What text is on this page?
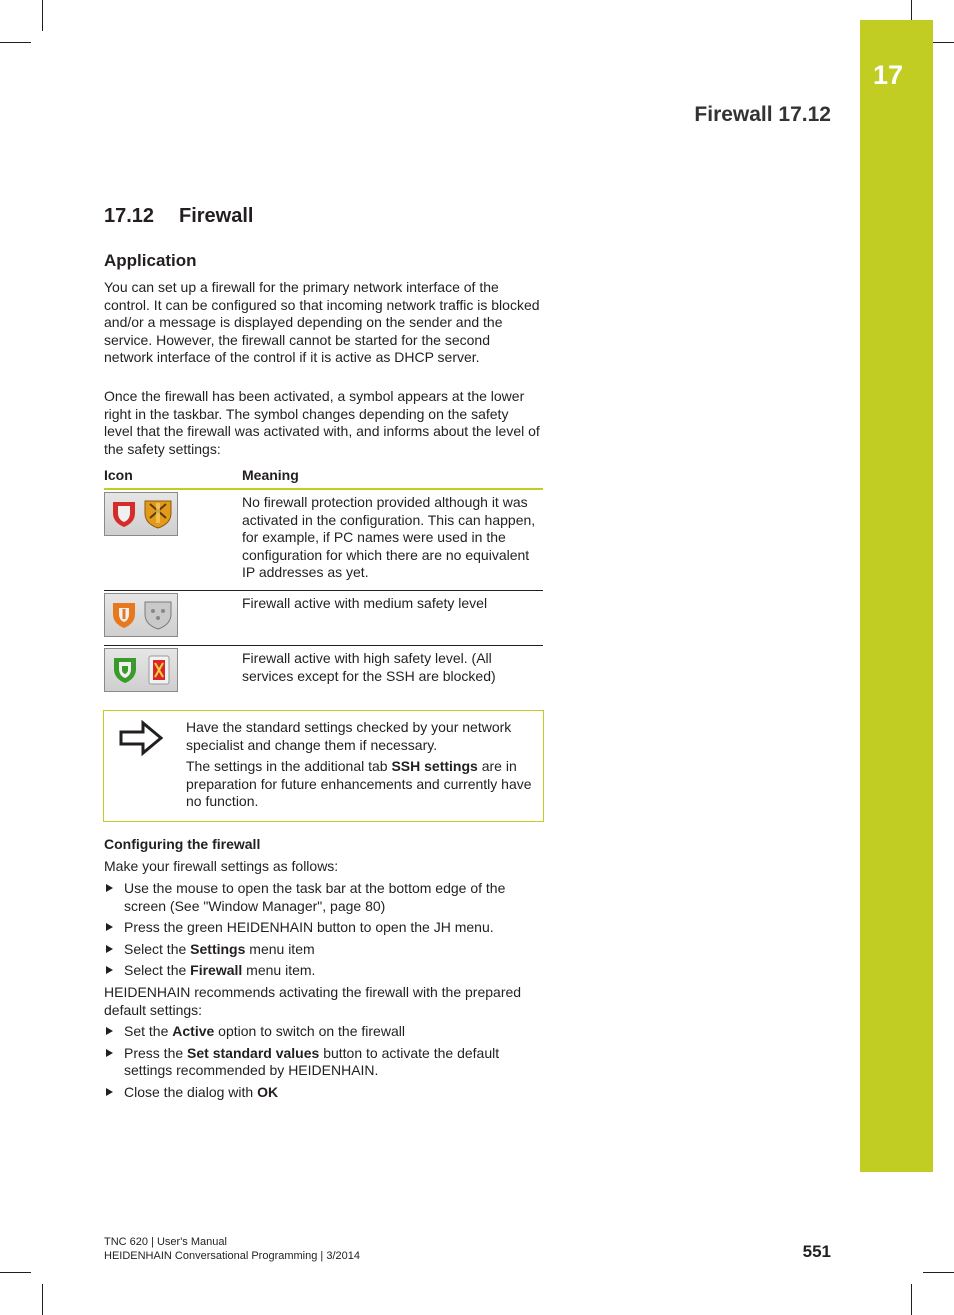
17
Firewall 17.12
17.12 Firewall
Application
You can set up a firewall for the primary network interface of the control. It can be configured so that incoming network traffic is blocked and/or a message is displayed depending on the sender and the service. However, the firewall cannot be started for the second network interface of the control if it is active as DHCP server.
Once the firewall has been activated, a symbol appears at the lower right in the taskbar. The symbol changes depending on the safety level that the firewall was activated with, and informs about the level of the safety settings:
Icon	Meaning

	No firewall protection provided although it was activated in the configuration. This can happen, for example, if PC names were used in the configuration for which there are no equivalent IP addresses as yet.

	Firewall active with medium safety level

	Firewall active with high safety level. (All services except for the SSH are blocked)

Have the standard settings checked by your network specialist and change them if necessary.

The settings in the additional tab SSH settings are in preparation for future enhancements and currently have no function.

Configuring the firewall
Make your firewall settings as follows:
Use the mouse to open the task bar at the bottom edge of the screen (See "Window Manager", page 80)
Press the green HEIDENHAIN button to open the JH menu.
Select the Settings menu item
Select the Firewall menu item.
HEIDENHAIN recommends activating the firewall with the prepared default settings:
Set the Active option to switch on the firewall
Press the Set standard values button to activate the default settings recommended by HEIDENHAIN.
Close the dialog with OK
TNC 620 | User's Manual
HEIDENHAIN Conversational Programming | 3/2014	551
